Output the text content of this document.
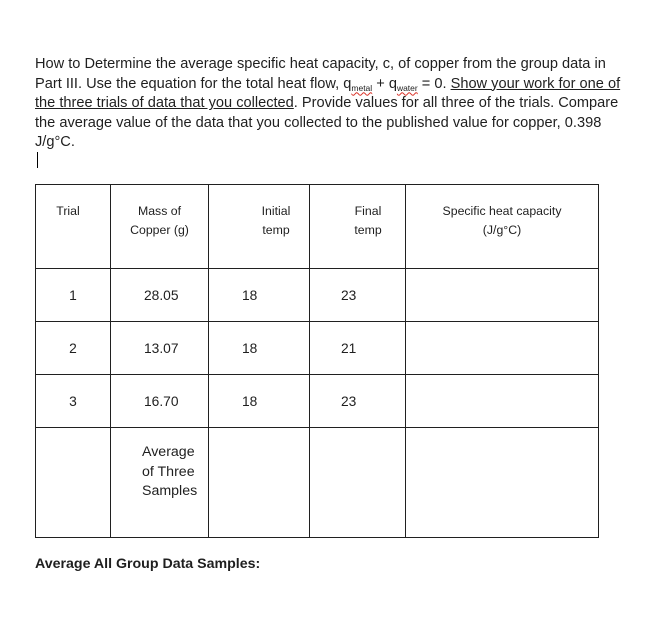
How to Determine the average specific heat capacity, c, of copper from the group data in Part III. Use the equation for the total heat flow, $q_{metal} + q_{water} = 0$. Show your work for one of the three trials of data that you collected. Provide values for all three of the trials. Compare the average value of the data that you collected to the published value for copper, 0.398 J/g°C.
Trial	Mass of Copper (g)	Initial temp	Final temp	Specific heat capacity (J/g°C)

1	28.05	18	23	
2	13.07	18	21	
3	16.70	18	23	

	Average of Three Samples			

Average All Group Data Samples:
